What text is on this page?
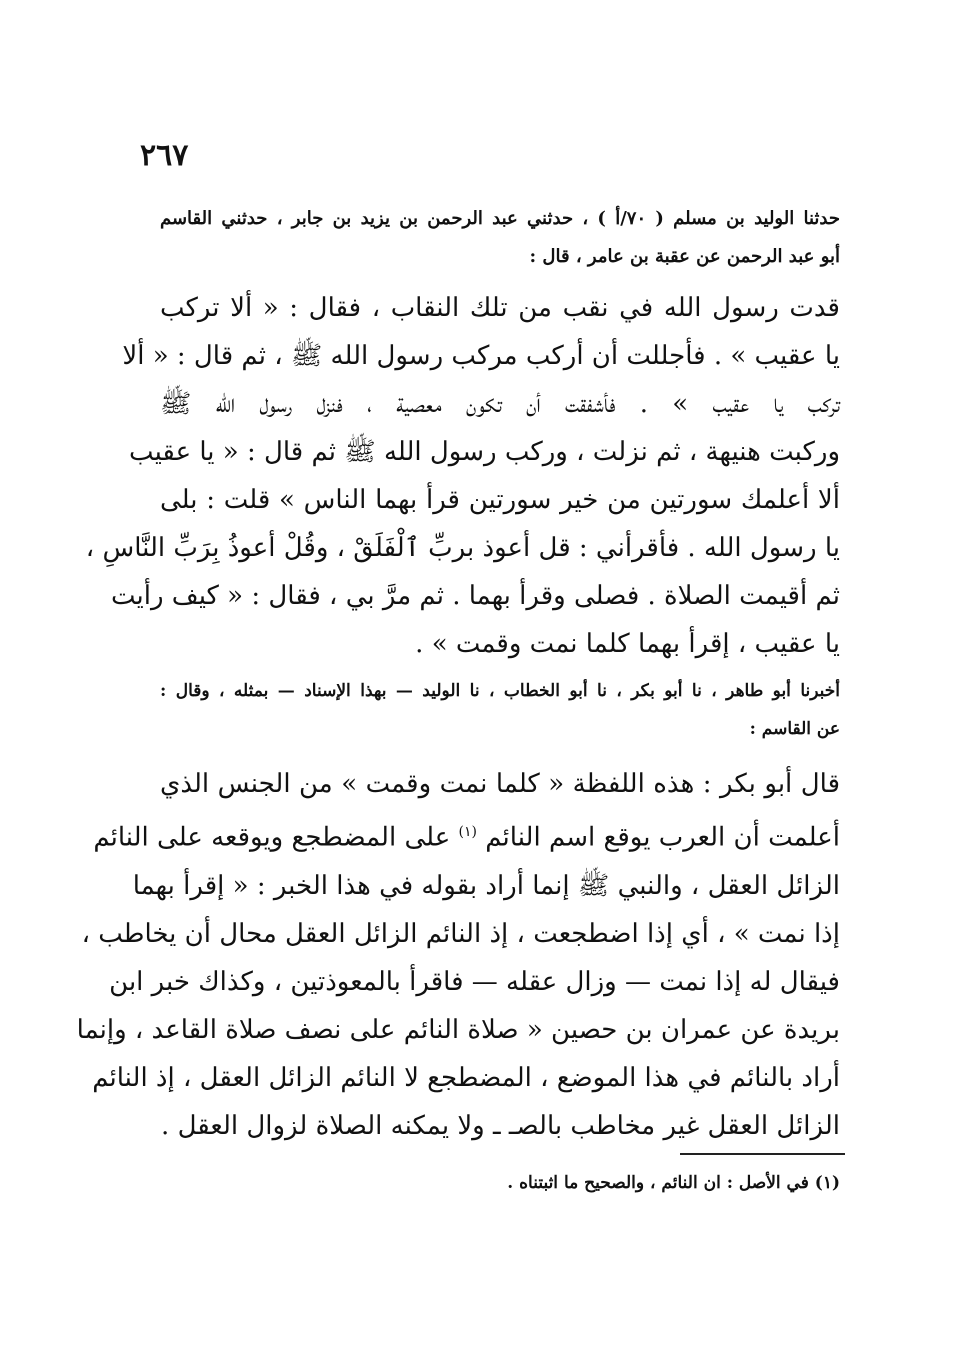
٢٦٧
حدثنا الوليد بن مسلم ( ٧٠/أ ) ، حدثني عبد الرحمن بن يزيد بن جابر ، حدثني القاسم
أبو عبد الرحمن عن عقبة بن عامر ، قال :
قدت رسول الله في نقب من تلك النقاب ، فقال : « ألا تركب
يا عقيب » . فأجللت أن أركب مركب رسول الله ﷺ ، ثم قال : « ألا
تركب يا عقيب » . فأشفقت أن تكون معصية ، فنزل رسول الله ﷺ
وركبت هنيهة ، ثم نزلت ، وركب رسول الله ﷺ ثم قال : « يا عقيب
ألا أعلمك سورتين من خير سورتين قرأ بهما الناس » قلت : بلى
يا رسول الله . فأقرأني : قل أعوذ بربِّ ٱلْفَلَقْ ، وقُلْ أعوذُ بِرَبِّ النَّاسِ ،
ثم أقيمت الصلاة . فصلى وقرأ بهما . ثم مرَّ بي ، فقال : « كيف رأيت
يا عقيب ، إقرأ بهما كلما نمت وقمت » .
أخبرنا أبو طاهر ، نا أبو بكر ، نا أبو الخطاب ، نا الوليد — بهذا الإسناد — بمثله ، وقال :
عن القاسم :
قال أبو بكر : هذه اللفظة « كلما نمت وقمت » من الجنس الذي
أعلمت أن العرب يوقع اسم النائم $^{(١)}$ على المضطجع ويوقعه على النائم
الزائل العقل ، والنبي ﷺ إنما أراد بقوله في هذا الخبر : « إقرأ بهما
إذا نمت » ، أي إذا اضطجعت ، إذ النائم الزائل العقل محال أن يخاطب ،
فيقال له إذا نمت — وزال عقله — فاقرأ بالمعوذتين ، وكذاك خبر ابن
بريدة عن عمران بن حصين « صلاة النائم على نصف صلاة القاعد ، وإنما
أراد بالنائم في هذا الموضع ، المضطجع لا النائم الزائل العقل ، إذ النائم
الزائل العقل غير مخاطب بالصـ ـ ولا يمكنه الصلاة لزوال العقل .
(١) في الأصل : ان النائم ، والصحيح ما اثبتناه .
